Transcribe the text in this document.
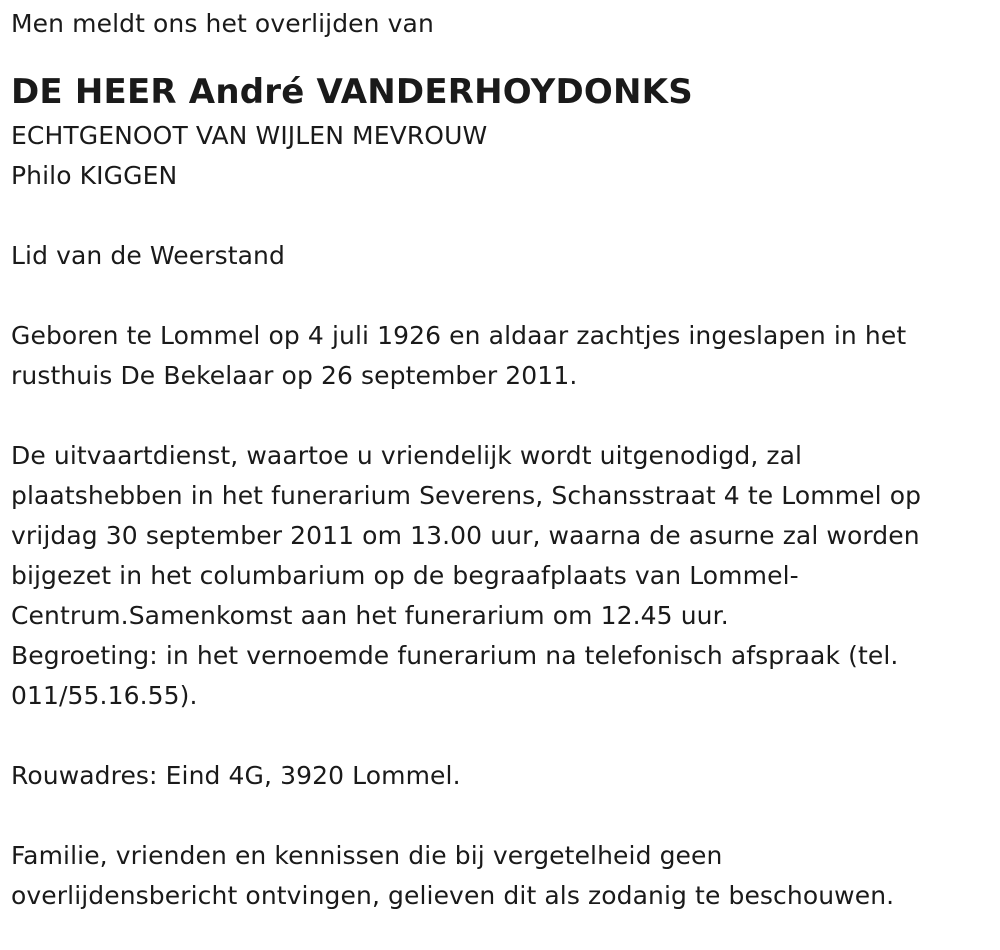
Men meldt ons het overlijden van
DE HEER André VANDERHOYDONKS
ECHTGENOOT VAN WIJLEN MEVROUW
Philo KIGGEN
Lid van de Weerstand
Geboren te Lommel op 4 juli 1926 en aldaar zachtjes ingeslapen in het
rusthuis De Bekelaar op 26 september 2011.
De uitvaartdienst, waartoe u vriendelijk wordt uitgenodigd, zal
plaatshebben in het funerarium Severens, Schansstraat 4 te Lommel op
vrijdag 30 september 2011 om 13.00 uur, waarna de asurne zal worden
bijgezet in het columbarium op de begraafplaats van Lommel-
Centrum.Samenkomst aan het funerarium om 12.45 uur.
Begroeting: in het vernoemde funerarium na telefonisch afspraak (tel.
011/55.16.55).
Rouwadres: Eind 4G, 3920 Lommel.
Familie, vrienden en kennissen die bij vergetelheid geen
overlijdensbericht ontvingen, gelieven dit als zodanig te beschouwen.
